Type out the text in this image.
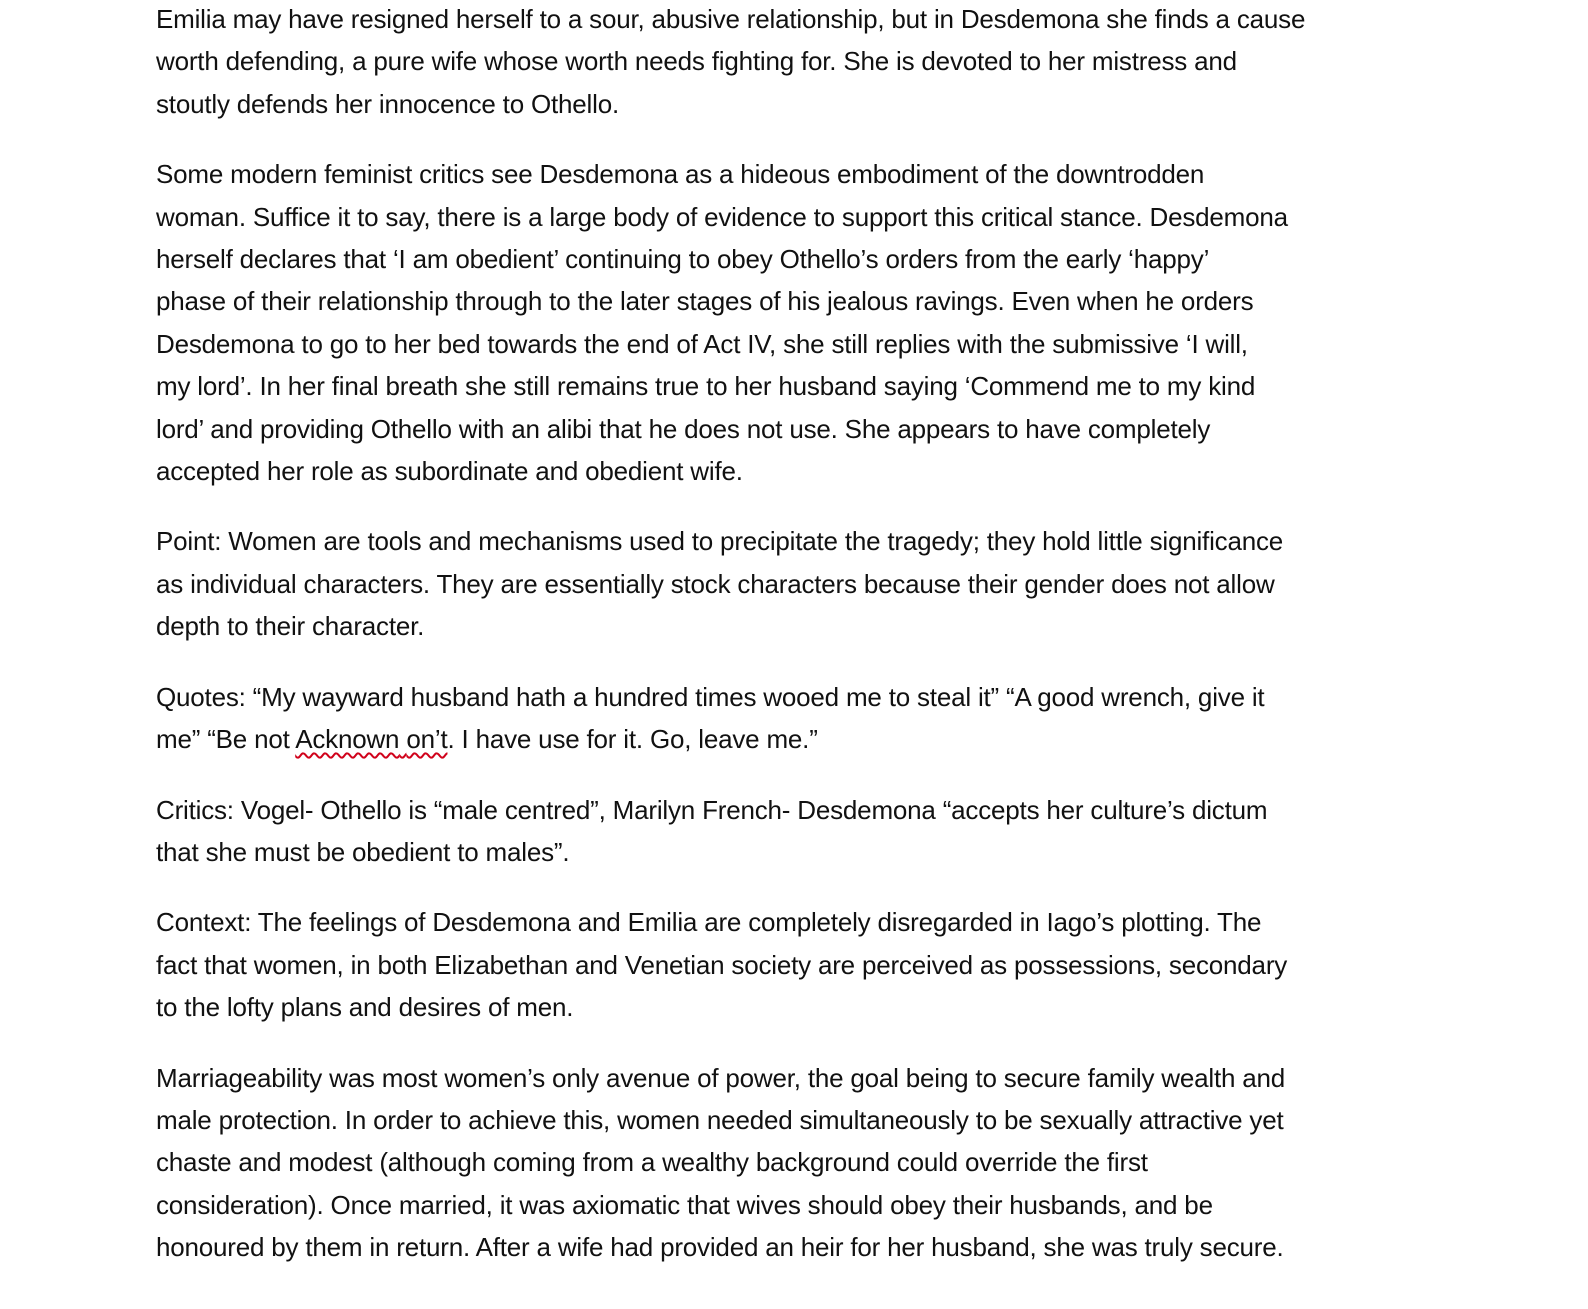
Emilia may have resigned herself to a sour, abusive relationship, but in Desdemona she finds a cause
worth defending, a pure wife whose worth needs fighting for. She is devoted to her mistress and
stoutly defends her innocence to Othello.

Some modern feminist critics see Desdemona as a hideous embodiment of the downtrodden
woman. Suffice it to say, there is a large body of evidence to support this critical stance. Desdemona
herself declares that ‘I am obedient’ continuing to obey Othello’s orders from the early ‘happy’
phase of their relationship through to the later stages of his jealous ravings. Even when he orders
Desdemona to go to her bed towards the end of Act IV, she still replies with the submissive ‘I will,
my lord’. In her final breath she still remains true to her husband saying ‘Commend me to my kind
lord’ and providing Othello with an alibi that he does not use. She appears to have completely
accepted her role as subordinate and obedient wife.

Point: Women are tools and mechanisms used to precipitate the tragedy; they hold little significance
as individual characters. They are essentially stock characters because their gender does not allow
depth to their character.

Quotes: “My wayward husband hath a hundred times wooed me to steal it” “A good wrench, give it
me” “Be not Acknown on’t. I have use for it. Go, leave me.”

Critics: Vogel- Othello is “male centred”, Marilyn French- Desdemona “accepts her culture’s dictum
that she must be obedient to males”.

Context: The feelings of Desdemona and Emilia are completely disregarded in Iago’s plotting. The
fact that women, in both Elizabethan and Venetian society are perceived as possessions, secondary
to the lofty plans and desires of men.

Marriageability was most women’s only avenue of power, the goal being to secure family wealth and
male protection. In order to achieve this, women needed simultaneously to be sexually attractive yet
chaste and modest (although coming from a wealthy background could override the first
consideration). Once married, it was axiomatic that wives should obey their husbands, and be
honoured by them in return. After a wife had provided an heir for her husband, she was truly secure.
